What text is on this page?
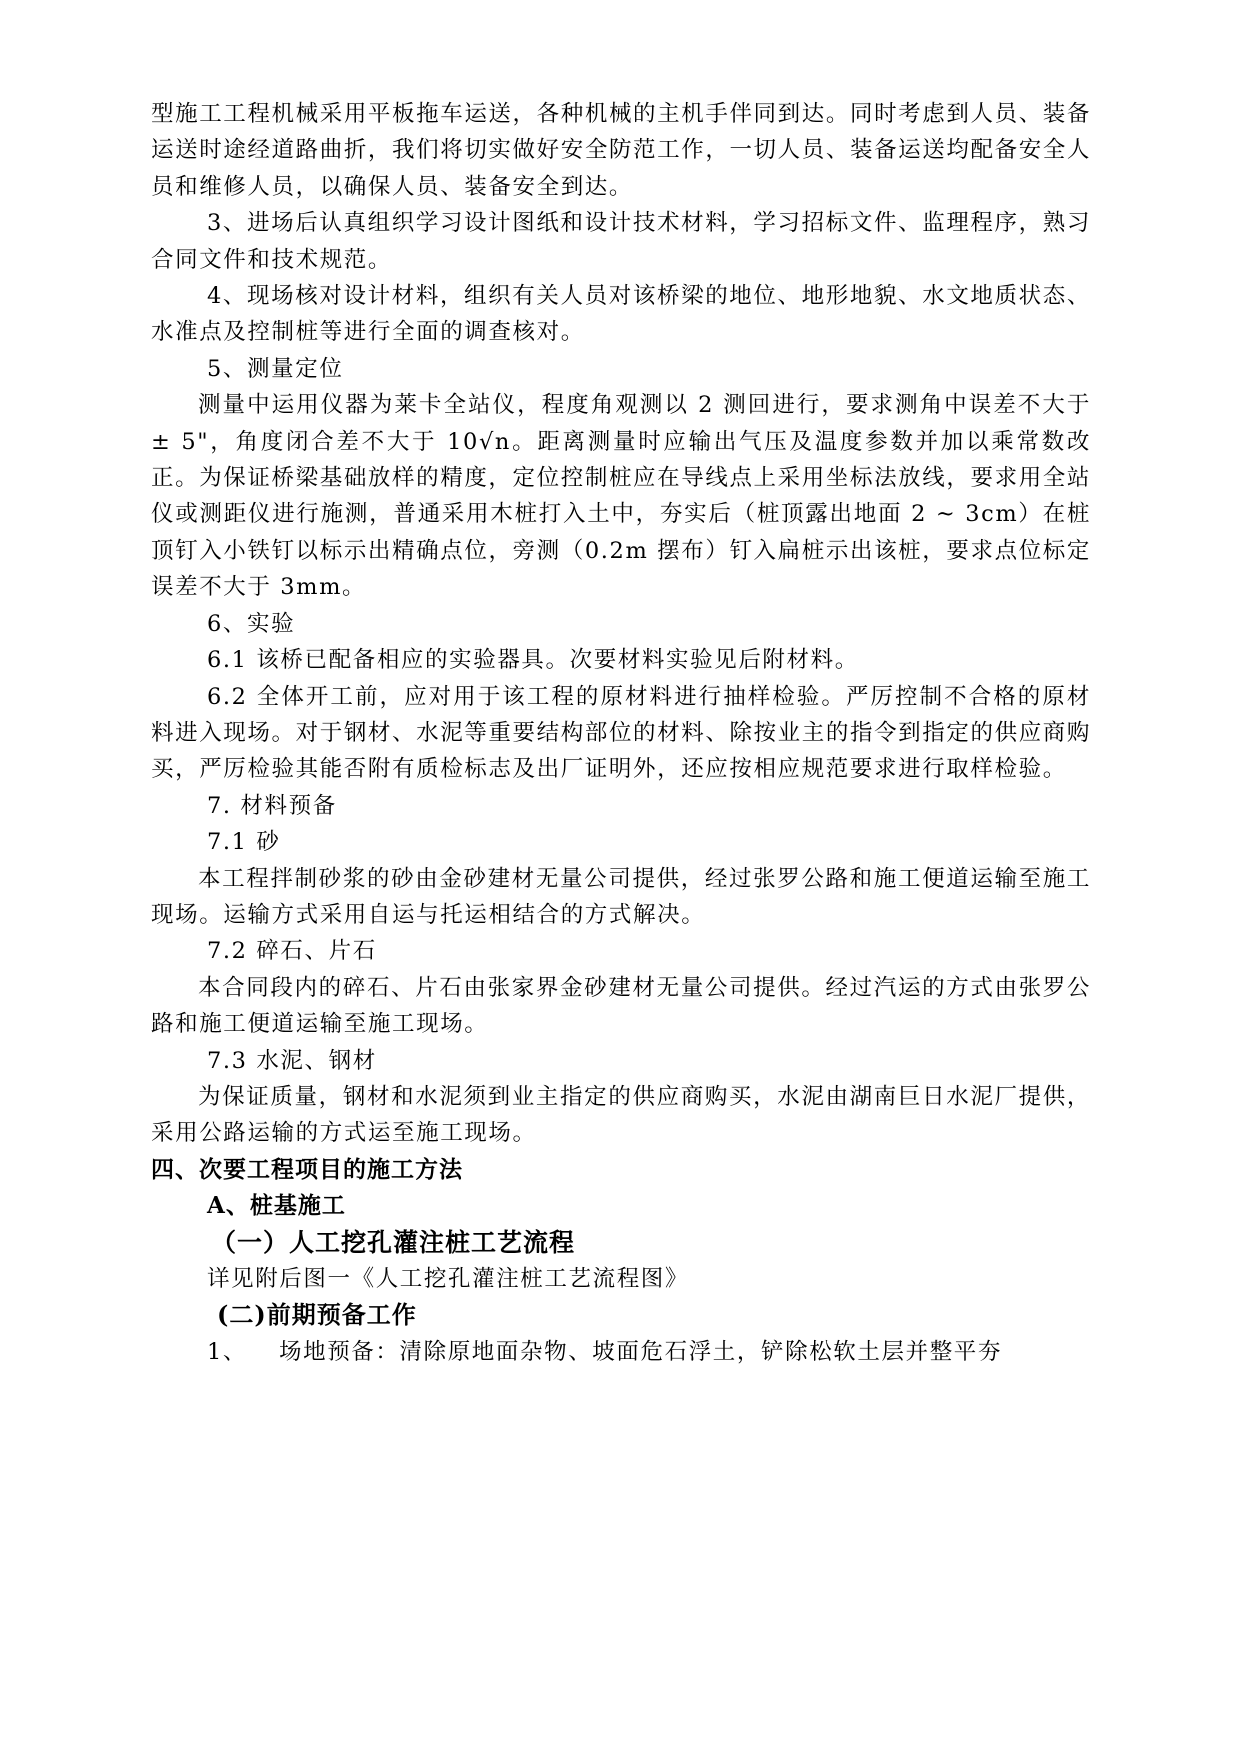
型施工工程机械采用平板拖车运送，各种机械的主机手伴同到达。同时考虑到人员、装备运送时途经道路曲折，我们将切实做好安全防范工作，一切人员、装备运送均配备安全人员和维修人员，以确保人员、装备安全到达。

3、进场后认真组织学习设计图纸和设计技术材料，学习招标文件、监理程序，熟习合同文件和技术规范。

4、现场核对设计材料，组织有关人员对该桥梁的地位、地形地貌、水文地质状态、水准点及控制桩等进行全面的调查核对。

5、测量定位

测量中运用仪器为莱卡全站仪，程度角观测以 2 测回进行，要求测角中误差不大于 ± 5"，角度闭合差不大于 10√n。距离测量时应输出气压及温度参数并加以乘常数改正。为保证桥梁基础放样的精度，定位控制桩应在导线点上采用坐标法放线，要求用全站仪或测距仪进行施测，普通采用木桩打入土中，夯实后（桩顶露出地面 2 ~ 3cm）在桩顶钉入小铁钉以标示出精确点位，旁测（0.2m 摆布）钉入扁桩示出该桩，要求点位标定误差不大于 3mm。

6、实验

6.1 该桥已配备相应的实验器具。次要材料实验见后附材料。

6.2 全体开工前，应对用于该工程的原材料进行抽样检验。严厉控制不合格的原材料进入现场。对于钢材、水泥等重要结构部位的材料、除按业主的指令到指定的供应商购买，严厉检验其能否附有质检标志及出厂证明外，还应按相应规范要求进行取样检验。

7. 材料预备

7.1 砂

本工程拌制砂浆的砂由金砂建材无量公司提供，经过张罗公路和施工便道运输至施工现场。运输方式采用自运与托运相结合的方式解决。

7.2 碎石、片石

本合同段内的碎石、片石由张家界金砂建材无量公司提供。经过汽运的方式由张罗公路和施工便道运输至施工现场。

7.3 水泥、钢材

为保证质量，钢材和水泥须到业主指定的供应商购买，水泥由湖南巨日水泥厂提供，采用公路运输的方式运至施工现场。

四、次要工程项目的施工方法

A、桩基施工

（一）人工挖孔灌注桩工艺流程

详见附后图一《人工挖孔灌注桩工艺流程图》

(二)前期预备工作

1、 场地预备：清除原地面杂物、坡面危石浮土，铲除松软土层并整平夯
